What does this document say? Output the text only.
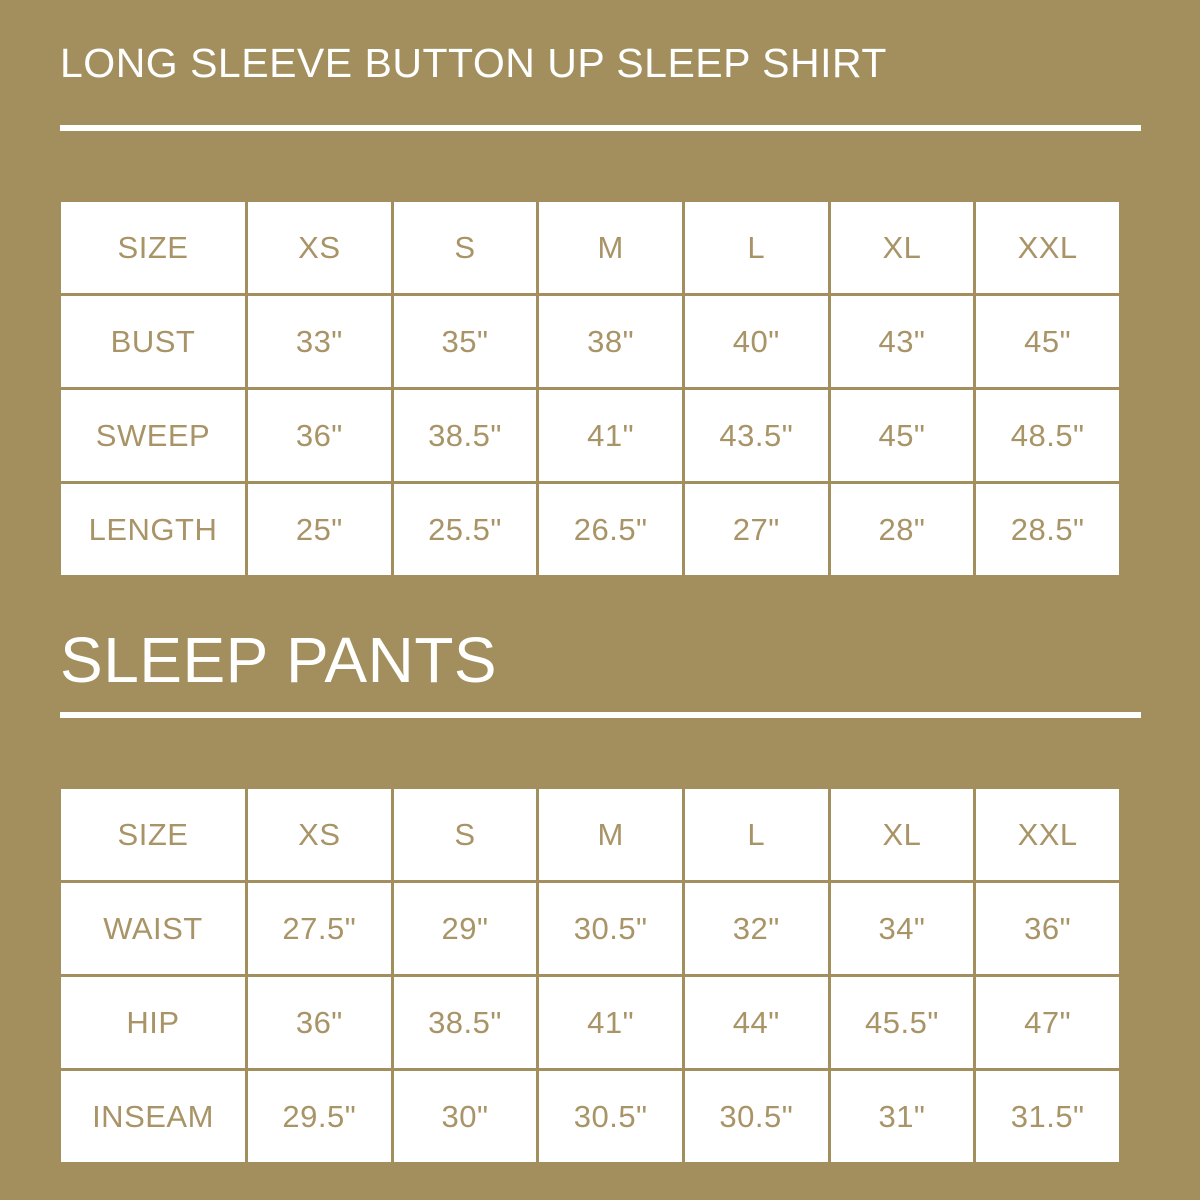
LONG SLEEVE BUTTON UP SLEEP SHIRT
SIZE	XS	S	M	L	XL	XXL
BUST	33"	35"	38"	40"	43"	45"
SWEEP	36"	38.5"	41"	43.5"	45"	48.5"
LENGTH	25"	25.5"	26.5"	27"	28"	28.5"
SLEEP PANTS
SIZE	XS	S	M	L	XL	XXL
WAIST	27.5"	29"	30.5"	32"	34"	36"
HIP	36"	38.5"	41"	44"	45.5"	47"
INSEAM	29.5"	30"	30.5"	30.5"	31"	31.5"
